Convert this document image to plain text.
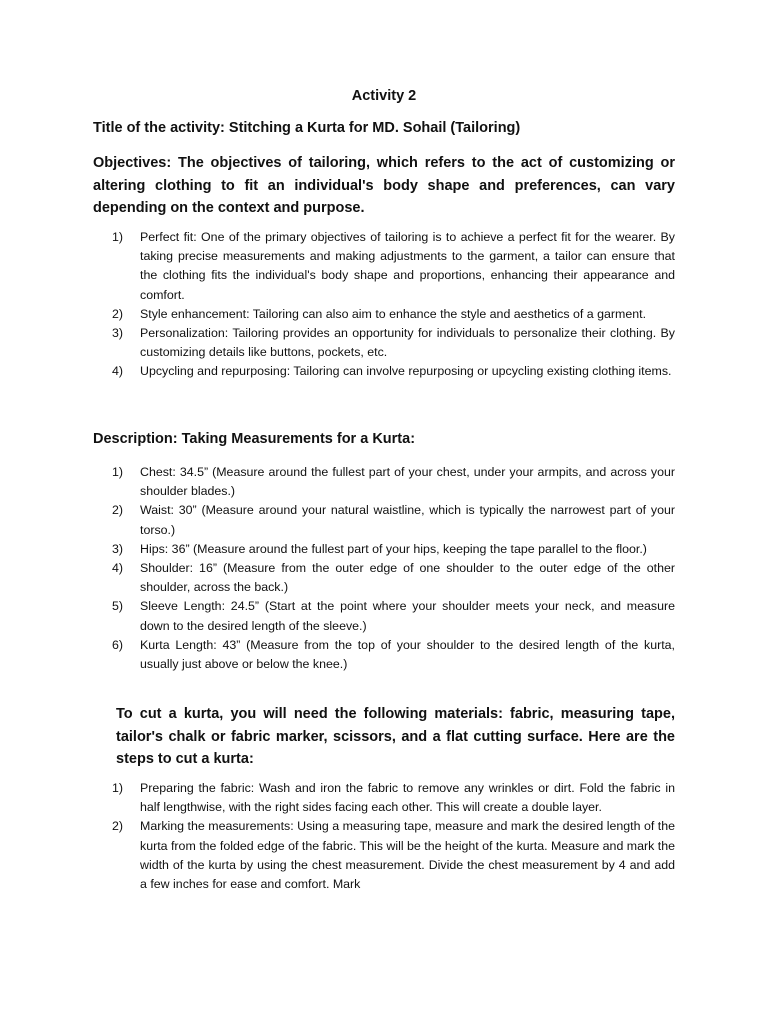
Activity 2
Title of the activity: Stitching a Kurta for MD. Sohail (Tailoring)
Objectives: The objectives of tailoring, which refers to the act of customizing or altering clothing to fit an individual's body shape and preferences, can vary depending on the context and purpose.
1) Perfect fit: One of the primary objectives of tailoring is to achieve a perfect fit for the wearer. By taking precise measurements and making adjustments to the garment, a tailor can ensure that the clothing fits the individual's body shape and proportions, enhancing their appearance and comfort.
2) Style enhancement: Tailoring can also aim to enhance the style and aesthetics of a garment.
3) Personalization: Tailoring provides an opportunity for individuals to personalize their clothing. By customizing details like buttons, pockets, etc.
4) Upcycling and repurposing: Tailoring can involve repurposing or upcycling existing clothing items.
Description: Taking Measurements for a Kurta:
1) Chest: 34.5” (Measure around the fullest part of your chest, under your armpits, and across your shoulder blades.)
2) Waist: 30” (Measure around your natural waistline, which is typically the narrowest part of your torso.)
3) Hips: 36” (Measure around the fullest part of your hips, keeping the tape parallel to the floor.)
4) Shoulder: 16” (Measure from the outer edge of one shoulder to the outer edge of the other shoulder, across the back.)
5) Sleeve Length: 24.5” (Start at the point where your shoulder meets your neck, and measure down to the desired length of the sleeve.)
6) Kurta Length: 43” (Measure from the top of your shoulder to the desired length of the kurta, usually just above or below the knee.)
To cut a kurta, you will need the following materials: fabric, measuring tape, tailor's chalk or fabric marker, scissors, and a flat cutting surface. Here are the steps to cut a kurta:
1) Preparing the fabric: Wash and iron the fabric to remove any wrinkles or dirt. Fold the fabric in half lengthwise, with the right sides facing each other. This will create a double layer.
2) Marking the measurements: Using a measuring tape, measure and mark the desired length of the kurta from the folded edge of the fabric. This will be the height of the kurta. Measure and mark the width of the kurta by using the chest measurement. Divide the chest measurement by 4 and add a few inches for ease and comfort. Mark
